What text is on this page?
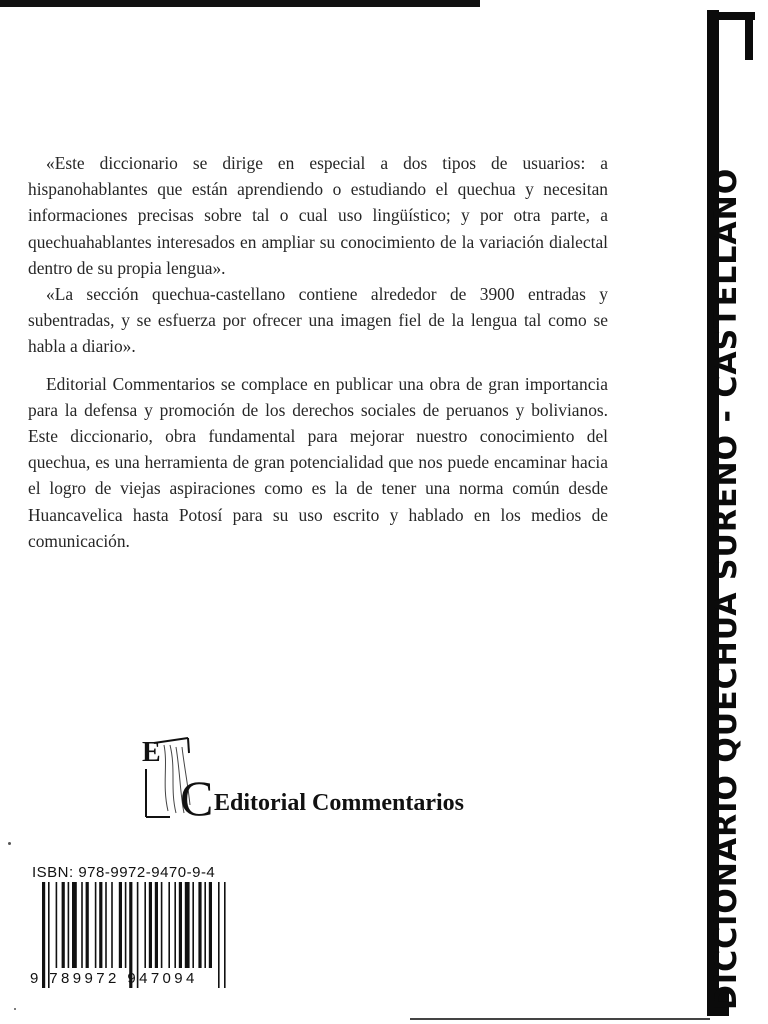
«Este diccionario se dirige en especial a dos tipos de usuarios: a hispanohablantes que están aprendiendo o estudiando el quechua y necesitan informaciones precisas sobre tal o cual uso lingüístico; y por otra parte, a quechuahablantes interesados en ampliar su conocimiento de la variación dialectal dentro de su propia lengua».

«La sección quechua-castellano contiene alrededor de 3900 entradas y subentradas, y se esfuerza por ofrecer una imagen fiel de la lengua tal como se habla a diario».

Editorial Commentarios se complace en publicar una obra de gran importancia para la defensa y promoción de los derechos sociales de peruanos y bolivianos. Este diccionario, obra fundamental para mejorar nuestro conocimiento del quechua, es una herramienta de gran potencialidad que nos puede encaminar hacia el logro de viejas aspiraciones como es la de tener una norma común desde Huancavelica hasta Potosí para su uso escrito y hablado en los medios de comunicación.

E
C Editorial Commentarios
ISBN: 978-9972-9470-9-4
9 789972 947094	DICCIONARIO QUECHUA SUREÑO - CASTELLANO
